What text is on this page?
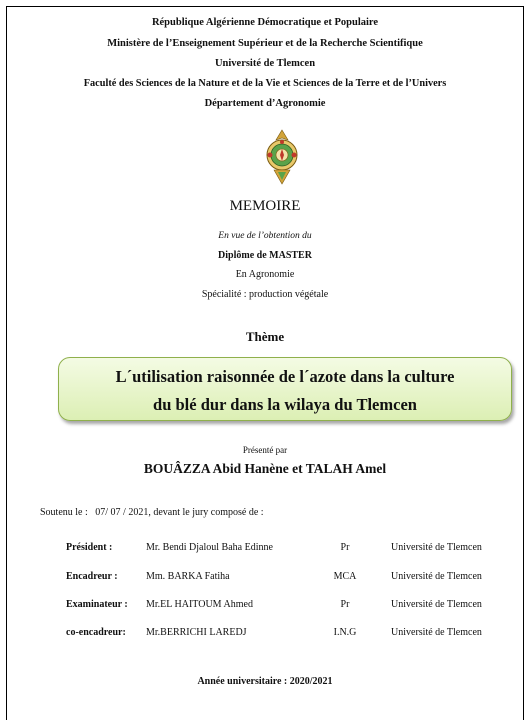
République Algérienne Démocratique et Populaire
Ministère de l’Enseignement Supérieur et de la Recherche Scientifique
Université de Tlemcen
Faculté des Sciences de la Nature et de la Vie et Sciences de la Terre et de l’Univers
Département d’Agronomie
MEMOIRE
En vue de l’obtention du
Diplôme de MASTER
En Agronomie
Spécialité : production végétale
Thème
L´utilisation raisonnée de l´azote dans la culture
du blé dur dans la wilaya du Tlemcen
Présenté par
BOUÂZZA Abid Hanène et TALAH Amel
Soutenu le :   07/ 07 / 2021, devant le jury composé de :
Président :	Mr. Bendi Djaloul Baha Edinne	Pr	Université de Tlemcen
Encadreur :	Mm. BARKA Fatiha	MCA	Université de Tlemcen
Examinateur : Mr.EL HAITOUM Ahmed	Pr	Université de Tlemcen
co-encadreur: Mr.BERRICHI LAREDJ	I.N.G	Université de Tlemcen
Année universitaire : 2020/2021
